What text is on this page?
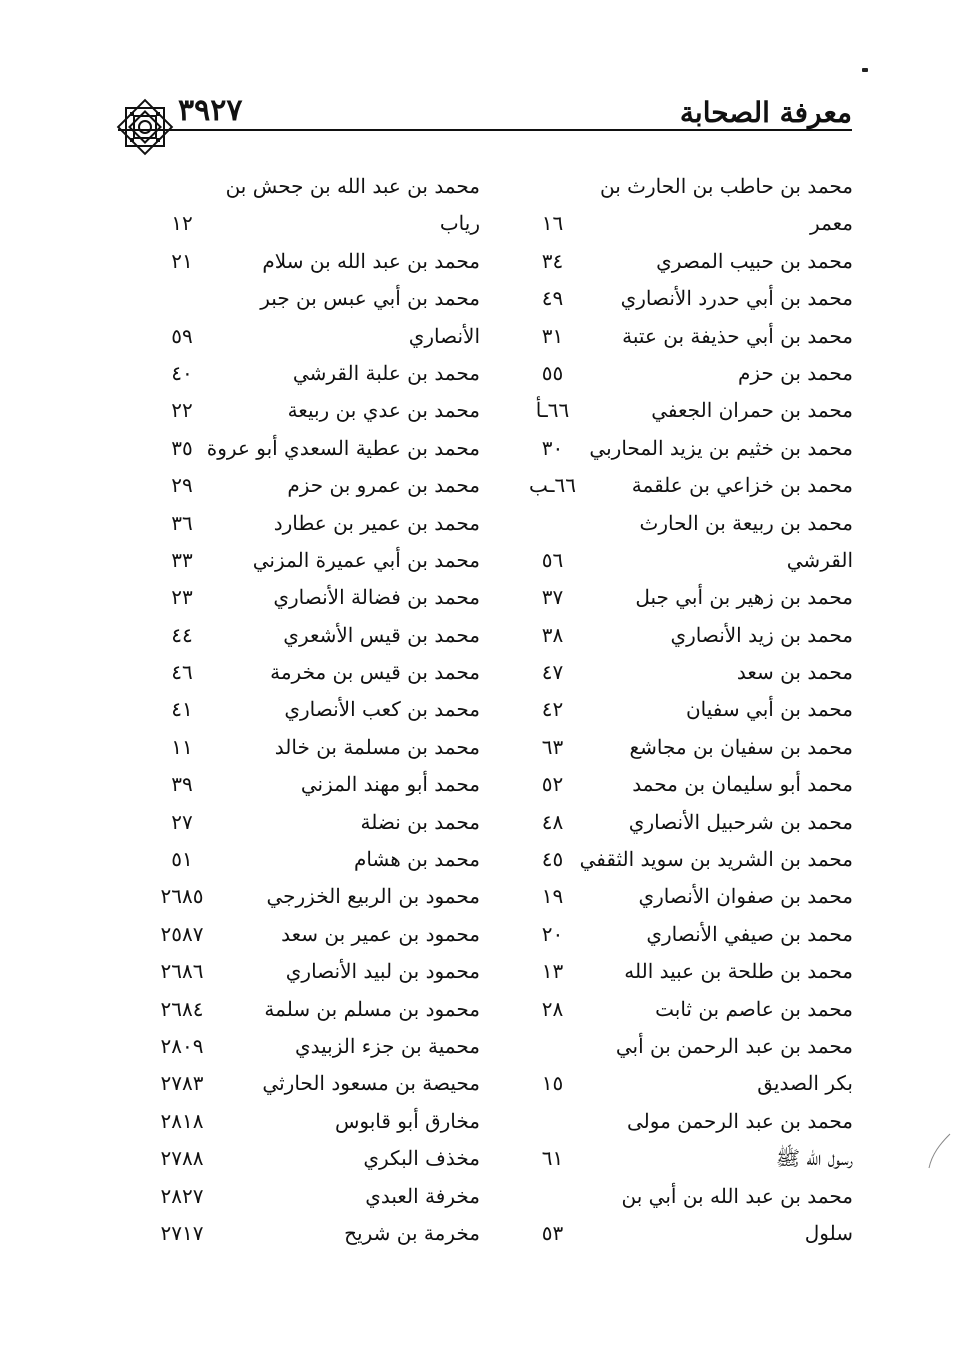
معرفة الصحابة
٣٩٢٧
محمد بن حاطب بن الحارث بن
معمر
١٦
محمد بن حبيب المصري
٣٤
محمد بن أبي حدرد الأنصاري
٤٩
محمد بن أبي حذيفة بن عتبة
٣١
محمد بن حزم
٥٥
محمد بن حمران الجعفي
٦٦ـأ
محمد بن خثيم بن يزيد المحاربي
٣٠
محمد بن خزاعي بن علقمة
٦٦ـب
محمد بن ربيعة بن الحارث
القرشي
٥٦
محمد بن زهير بن أبي جبل
٣٧
محمد بن زيد الأنصاري
٣٨
محمد بن سعد
٤٧
محمد بن أبي سفيان
٤٢
محمد بن سفيان بن مجاشع
٦٣
محمد أبو سليمان بن محمد
٥٢
محمد بن شرحبيل الأنصاري
٤٨
محمد بن الشريد بن سويد الثقفي
٤٥
محمد بن صفوان الأنصاري
١٩
محمد بن صيفي الأنصاري
٢٠
محمد بن طلحة بن عبيد الله
١٣
محمد بن عاصم بن ثابت
٢٨
محمد بن عبد الرحمن بن أبي
بكر الصديق
١٥
محمد بن عبد الرحمن مولى
رسول الله ﷺ
٦١
محمد بن عبد الله بن أبي بن
سلول
٥٣
محمد بن عبد الله بن جحش بن
رياب
١٢
محمد بن عبد الله بن سلام
٢١
محمد بن أبي عبس بن جبر
الأنصاري
٥٩
محمد بن علبة القرشي
٤٠
محمد بن عدي بن ربيعة
٢٢
محمد بن عطية السعدي أبو عروة
٣٥
محمد بن عمرو بن حزم
٢٩
محمد بن عمير بن عطارد
٣٦
محمد بن أبي عميرة المزني
٣٣
محمد بن فضالة الأنصاري
٢٣
محمد بن قيس الأشعري
٤٤
محمد بن قيس بن مخرمة
٤٦
محمد بن كعب الأنصاري
٤١
محمد بن مسلمة بن خالد
١١
محمد أبو مهند المزني
٣٩
محمد بن نضلة
٢٧
محمد بن هشام
٥١
محمود بن الربيع الخزرجي
٢٦٨٥
محمود بن عمير بن سعد
٢٥٨٧
محمود بن لبيد الأنصاري
٢٦٨٦
محمود بن مسلم بن سلمة
٢٦٨٤
محمية بن جزء الزبيدي
٢٨٠٩
محيصة بن مسعود الحارثي
٢٧٨٣
مخارق أبو قابوس
٢٨١٨
مخذف البكري
٢٧٨٨
مخرفة العبدي
٢٨٢٧
مخرمة بن شريح
٢٧١٧
